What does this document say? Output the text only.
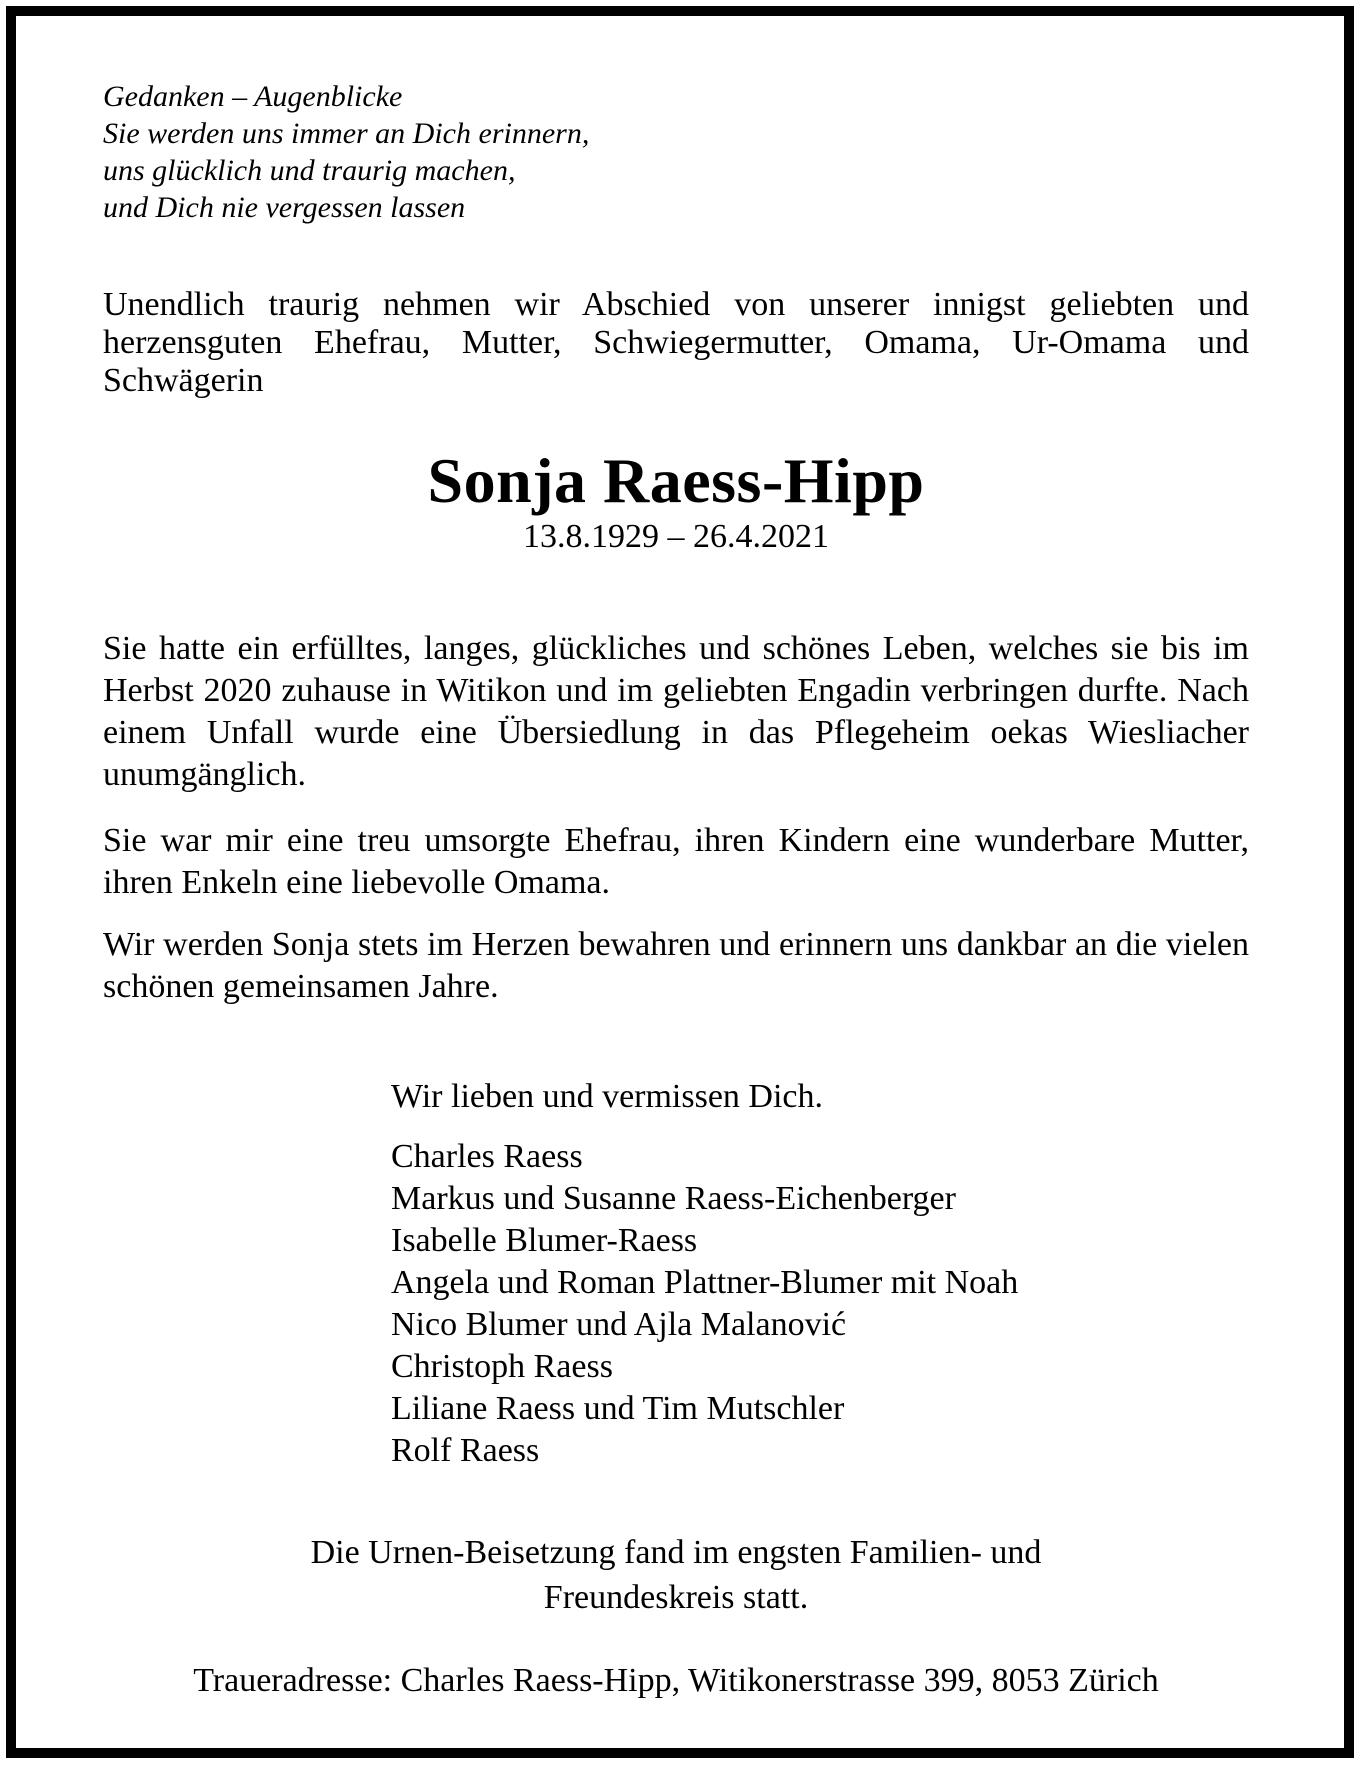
Gedanken – Augenblicke
Sie werden uns immer an Dich erinnern,
uns glücklich und traurig machen,
und Dich nie vergessen lassen

Unendlich traurig nehmen wir Abschied von unserer innigst geliebten und herzensguten Ehefrau, Mutter, Schwiegermutter, Omama, Ur-Omama und Schwägerin

Sonja Raess-Hipp
13.8.1929 – 26.4.2021

Sie hatte ein erfülltes, langes, glückliches und schönes Leben, welches sie bis im Herbst 2020 zuhause in Witikon und im geliebten Engadin verbringen durfte. Nach einem Unfall wurde eine Übersiedlung in das Pflegeheim oekas Wiesliacher unumgänglich.

Sie war mir eine treu umsorgte Ehefrau, ihren Kindern eine wunderbare Mutter, ihren Enkeln eine liebevolle Omama.

Wir werden Sonja stets im Herzen bewahren und erinnern uns dankbar an die vielen schönen gemeinsamen Jahre.

Wir lieben und vermissen Dich.

Charles Raess
Markus und Susanne Raess-Eichenberger
Isabelle Blumer-Raess
Angela und Roman Plattner-Blumer mit Noah
Nico Blumer und Ajla Malanović
Christoph Raess
Liliane Raess und Tim Mutschler
Rolf Raess
Die Urnen-Beisetzung fand im engsten Familien- und
Freundeskreis statt.

Traueradresse: Charles Raess-Hipp, Witikonerstrasse 399, 8053 Zürich
